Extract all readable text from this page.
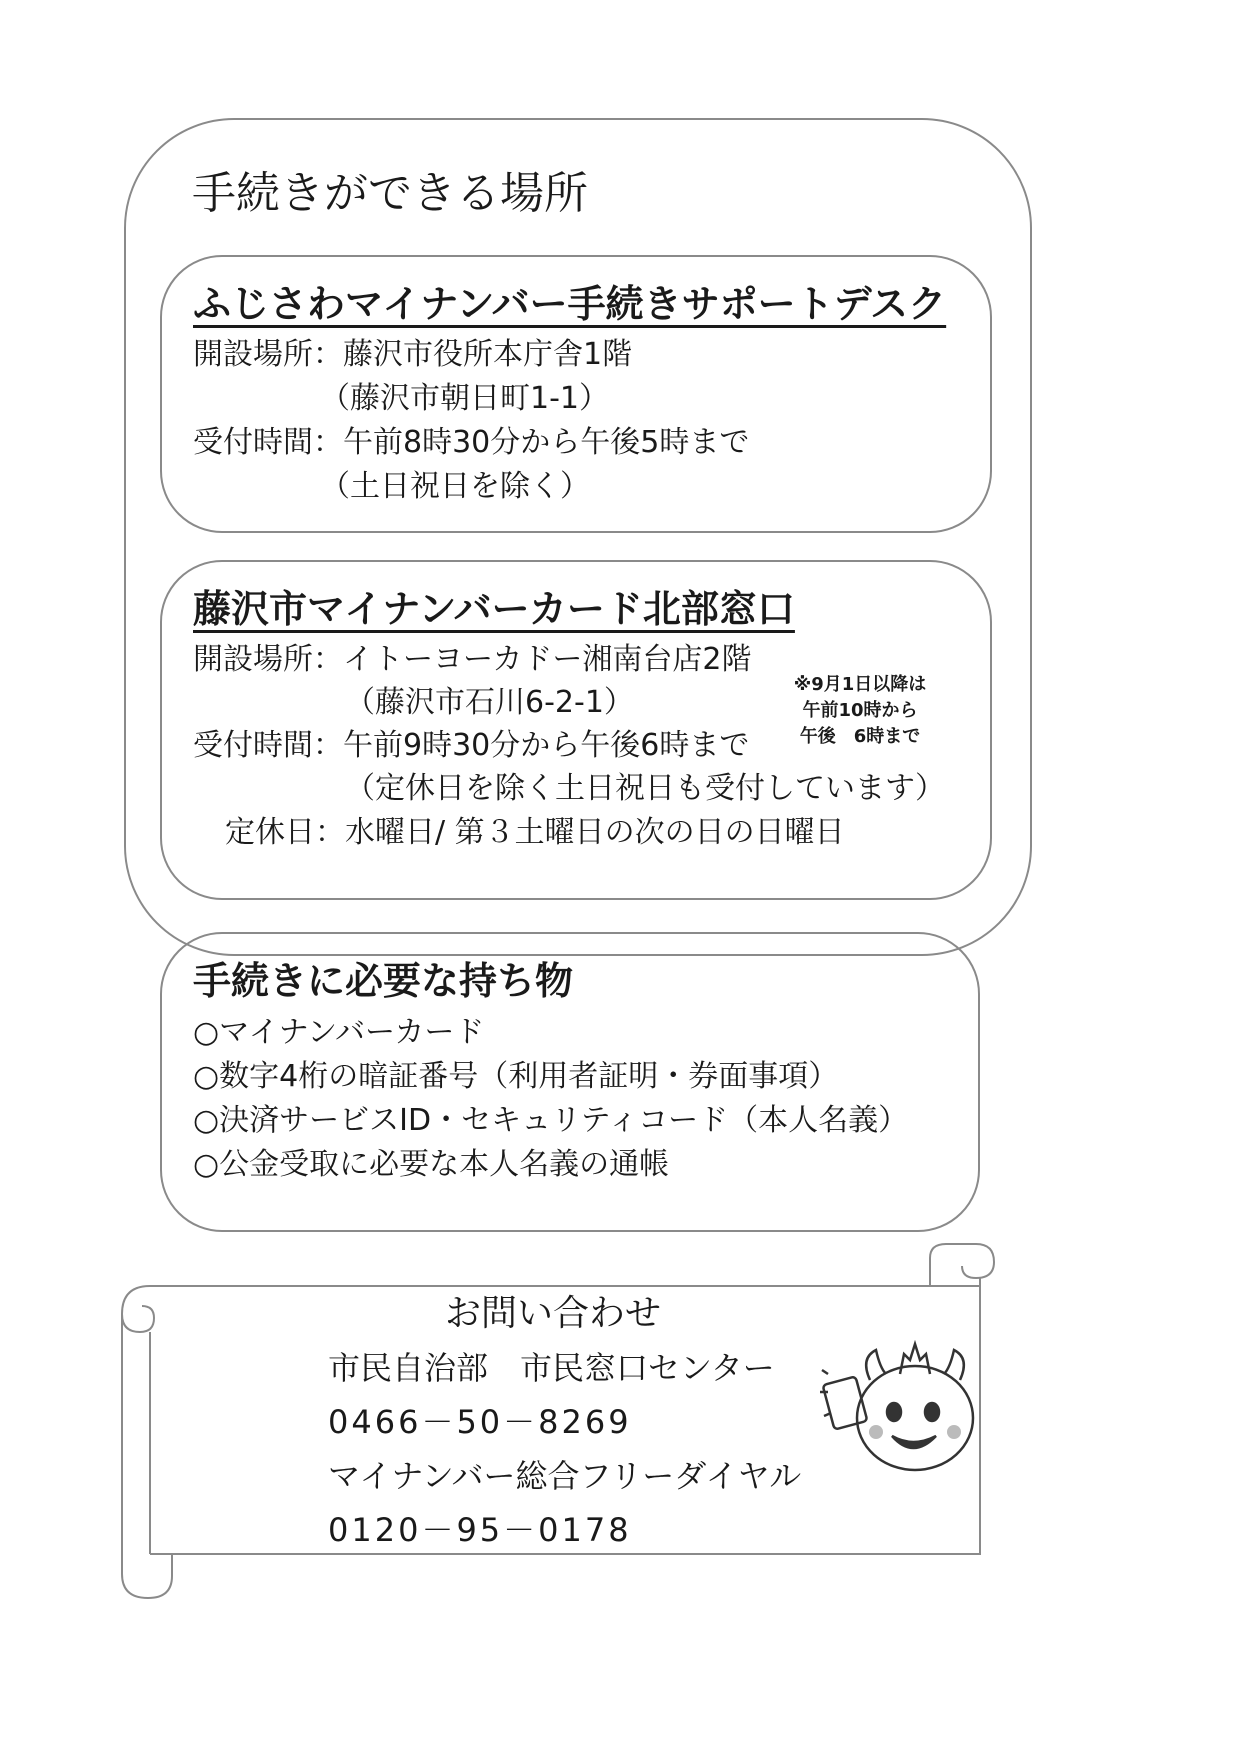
手続きができる場所
ふじさわマイナンバー手続きサポートデスク
開設場所：藤沢市役所本庁舎1階
（藤沢市朝日町1-1）
受付時間：午前8時30分から午後5時まで
（土日祝日を除く）
藤沢市マイナンバーカード北部窓口
開設場所：イトーヨーカドー湘南台店2階
（藤沢市石川6-2-1）
受付時間：午前9時30分から午後6時まで
（定休日を除く土日祝日も受付しています）
定休日：水曜日/ 第３土曜日の次の日の日曜日
※9月1日以降は
午前10時から
午後　6時まで
手続きに必要な持ち物
○マイナンバーカード
○数字4桁の暗証番号（利用者証明・券面事項）
○決済サービスID・セキュリティコード（本人名義）
○公金受取に必要な本人名義の通帳
お問い合わせ
市民自治部　市民窓口センター
0466－50－8269
マイナンバー総合フリーダイヤル
0120－95－0178
